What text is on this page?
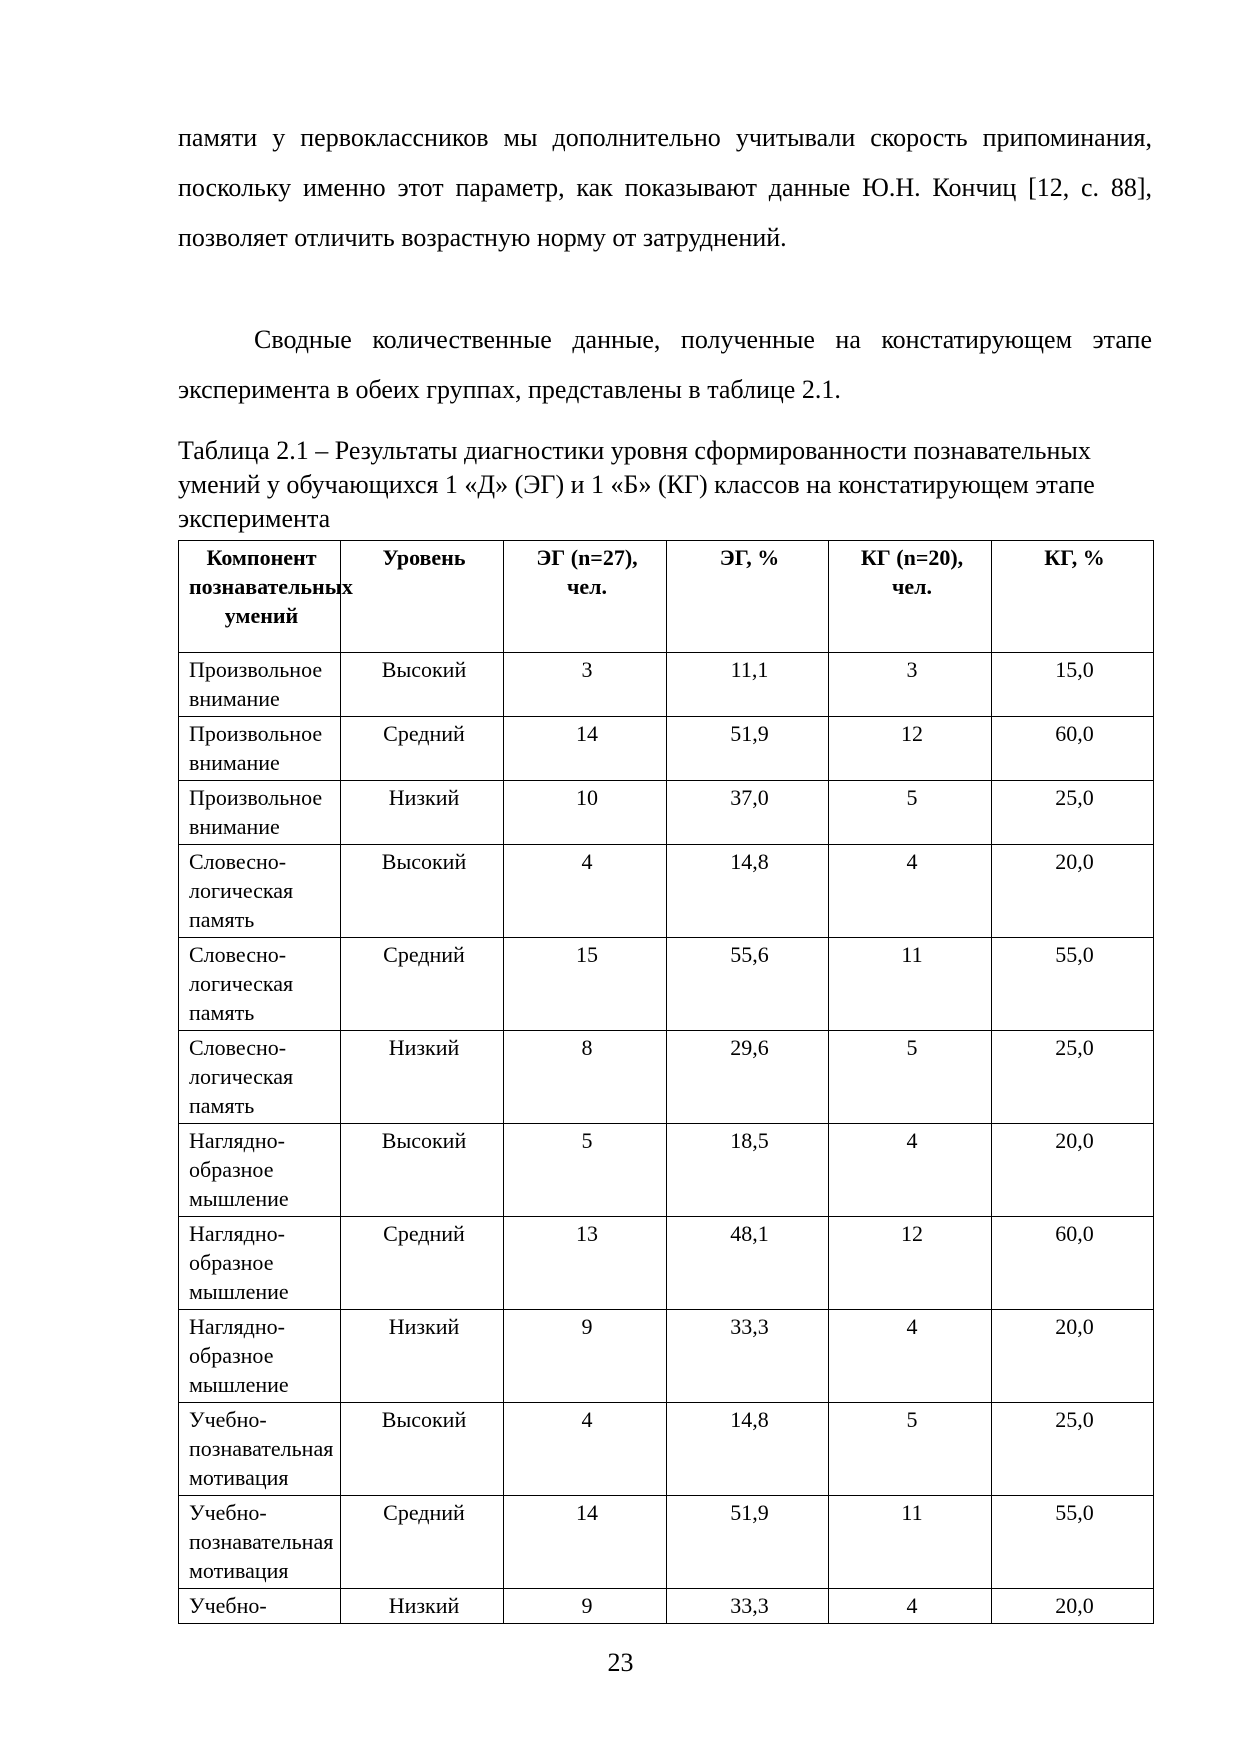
памяти у первоклассников мы дополнительно учитывали скорость припоминания, поскольку именно этот параметр, как показывают данные Ю.Н. Кончиц [12, с. 88], позволяет отличить возрастную норму от затруднений.

Сводные количественные данные, полученные на констатирующем этапе эксперимента в обеих группах, представлены в таблице 2.1.

Таблица 2.1 – Результаты диагностики уровня сформированности познавательных умений у обучающихся 1 «Д» (ЭГ) и 1 «Б» (КГ) классов на констатирующем этапе эксперимента

Компонент познавательных умений	Уровень	ЭГ (n=27), чел.	ЭГ, %	КГ (n=20), чел.	КГ, %
Произвольное внимание	Высокий	3	11,1	3	15,0
Произвольное внимание	Средний	14	51,9	12	60,0
Произвольное внимание	Низкий	10	37,0	5	25,0
Словесно-логическая память	Высокий	4	14,8	4	20,0
Словесно-логическая память	Средний	15	55,6	11	55,0
Словесно-логическая память	Низкий	8	29,6	5	25,0
Наглядно-образное мышление	Высокий	5	18,5	4	20,0
Наглядно-образное мышление	Средний	13	48,1	12	60,0
Наглядно-образное мышление	Низкий	9	33,3	4	20,0
Учебно-познавательная мотивация	Высокий	4	14,8	5	25,0
Учебно-познавательная мотивация	Средний	14	51,9	11	55,0
Учебно-	Низкий	9	33,3	4	20,0
23
